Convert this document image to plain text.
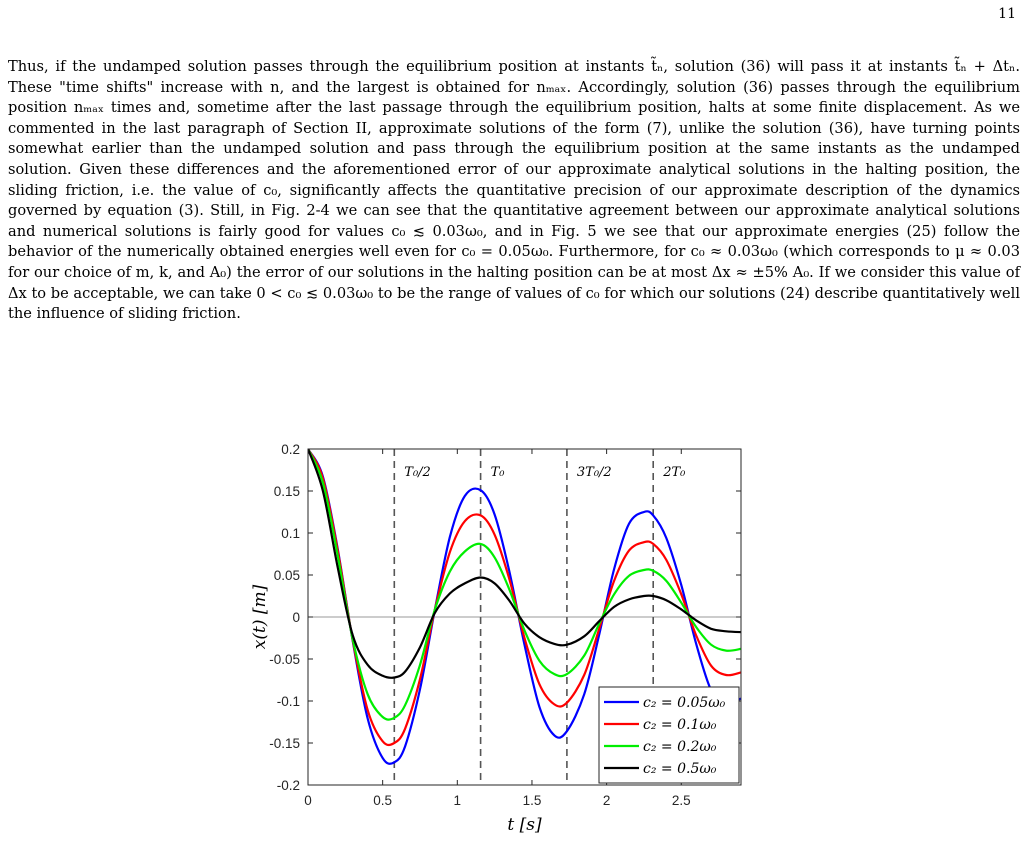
11

Thus, if the undamped solution passes through the equilibrium position at instants t̃ₙ, solution (36) will pass it at instants t̃ₙ + Δtₙ. These "time shifts" increase with n, and the largest is obtained for nₘₐₓ. Accordingly, solution (36) passes through the equilibrium position nₘₐₓ times and, sometime after the last passage through the equilibrium position, halts at some finite displacement. As we commented in the last paragraph of Section II, approximate solutions of the form (7), unlike the solution (36), have turning points somewhat earlier than the undamped solution and pass through the equilibrium position at the same instants as the undamped solution. Given these differences and the aforementioned error of our approximate analytical solutions in the halting position, the sliding friction, i.e. the value of c₀, significantly affects the quantitative precision of our approximate description of the dynamics governed by equation (3). Still, in Fig. 2-4 we can see that the quantitative agreement between our approximate analytical solutions and numerical solutions is fairly good for values c₀ ≲ 0.03ω₀, and in Fig. 5 we see that our approximate energies (25) follow the behavior of the numerically obtained energies well even for c₀ = 0.05ω₀. Furthermore, for c₀ ≈ 0.03ω₀ (which corresponds to μ ≈ 0.03 for our choice of m, k, and A₀) the error of our solutions in the halting position can be at most Δx ≈ ±5% A₀. If we consider this value of Δx to be acceptable, we can take 0 < c₀ ≲ 0.03ω₀ to be the range of values of c₀ for which our solutions (24) describe quantitatively well the influence of sliding friction.

T₀/2	T₀	3T₀/2	2T₀
0	0.5	1	1.5	2	2.5
0.2
0.15
0.1
0.05
0
-0.05
-0.1
-0.15
-0.2
t [s]
x(t) [m]
c₂ = 0.05ω₀
c₂ = 0.1ω₀
c₂ = 0.2ω₀
c₂ = 0.5ω₀
